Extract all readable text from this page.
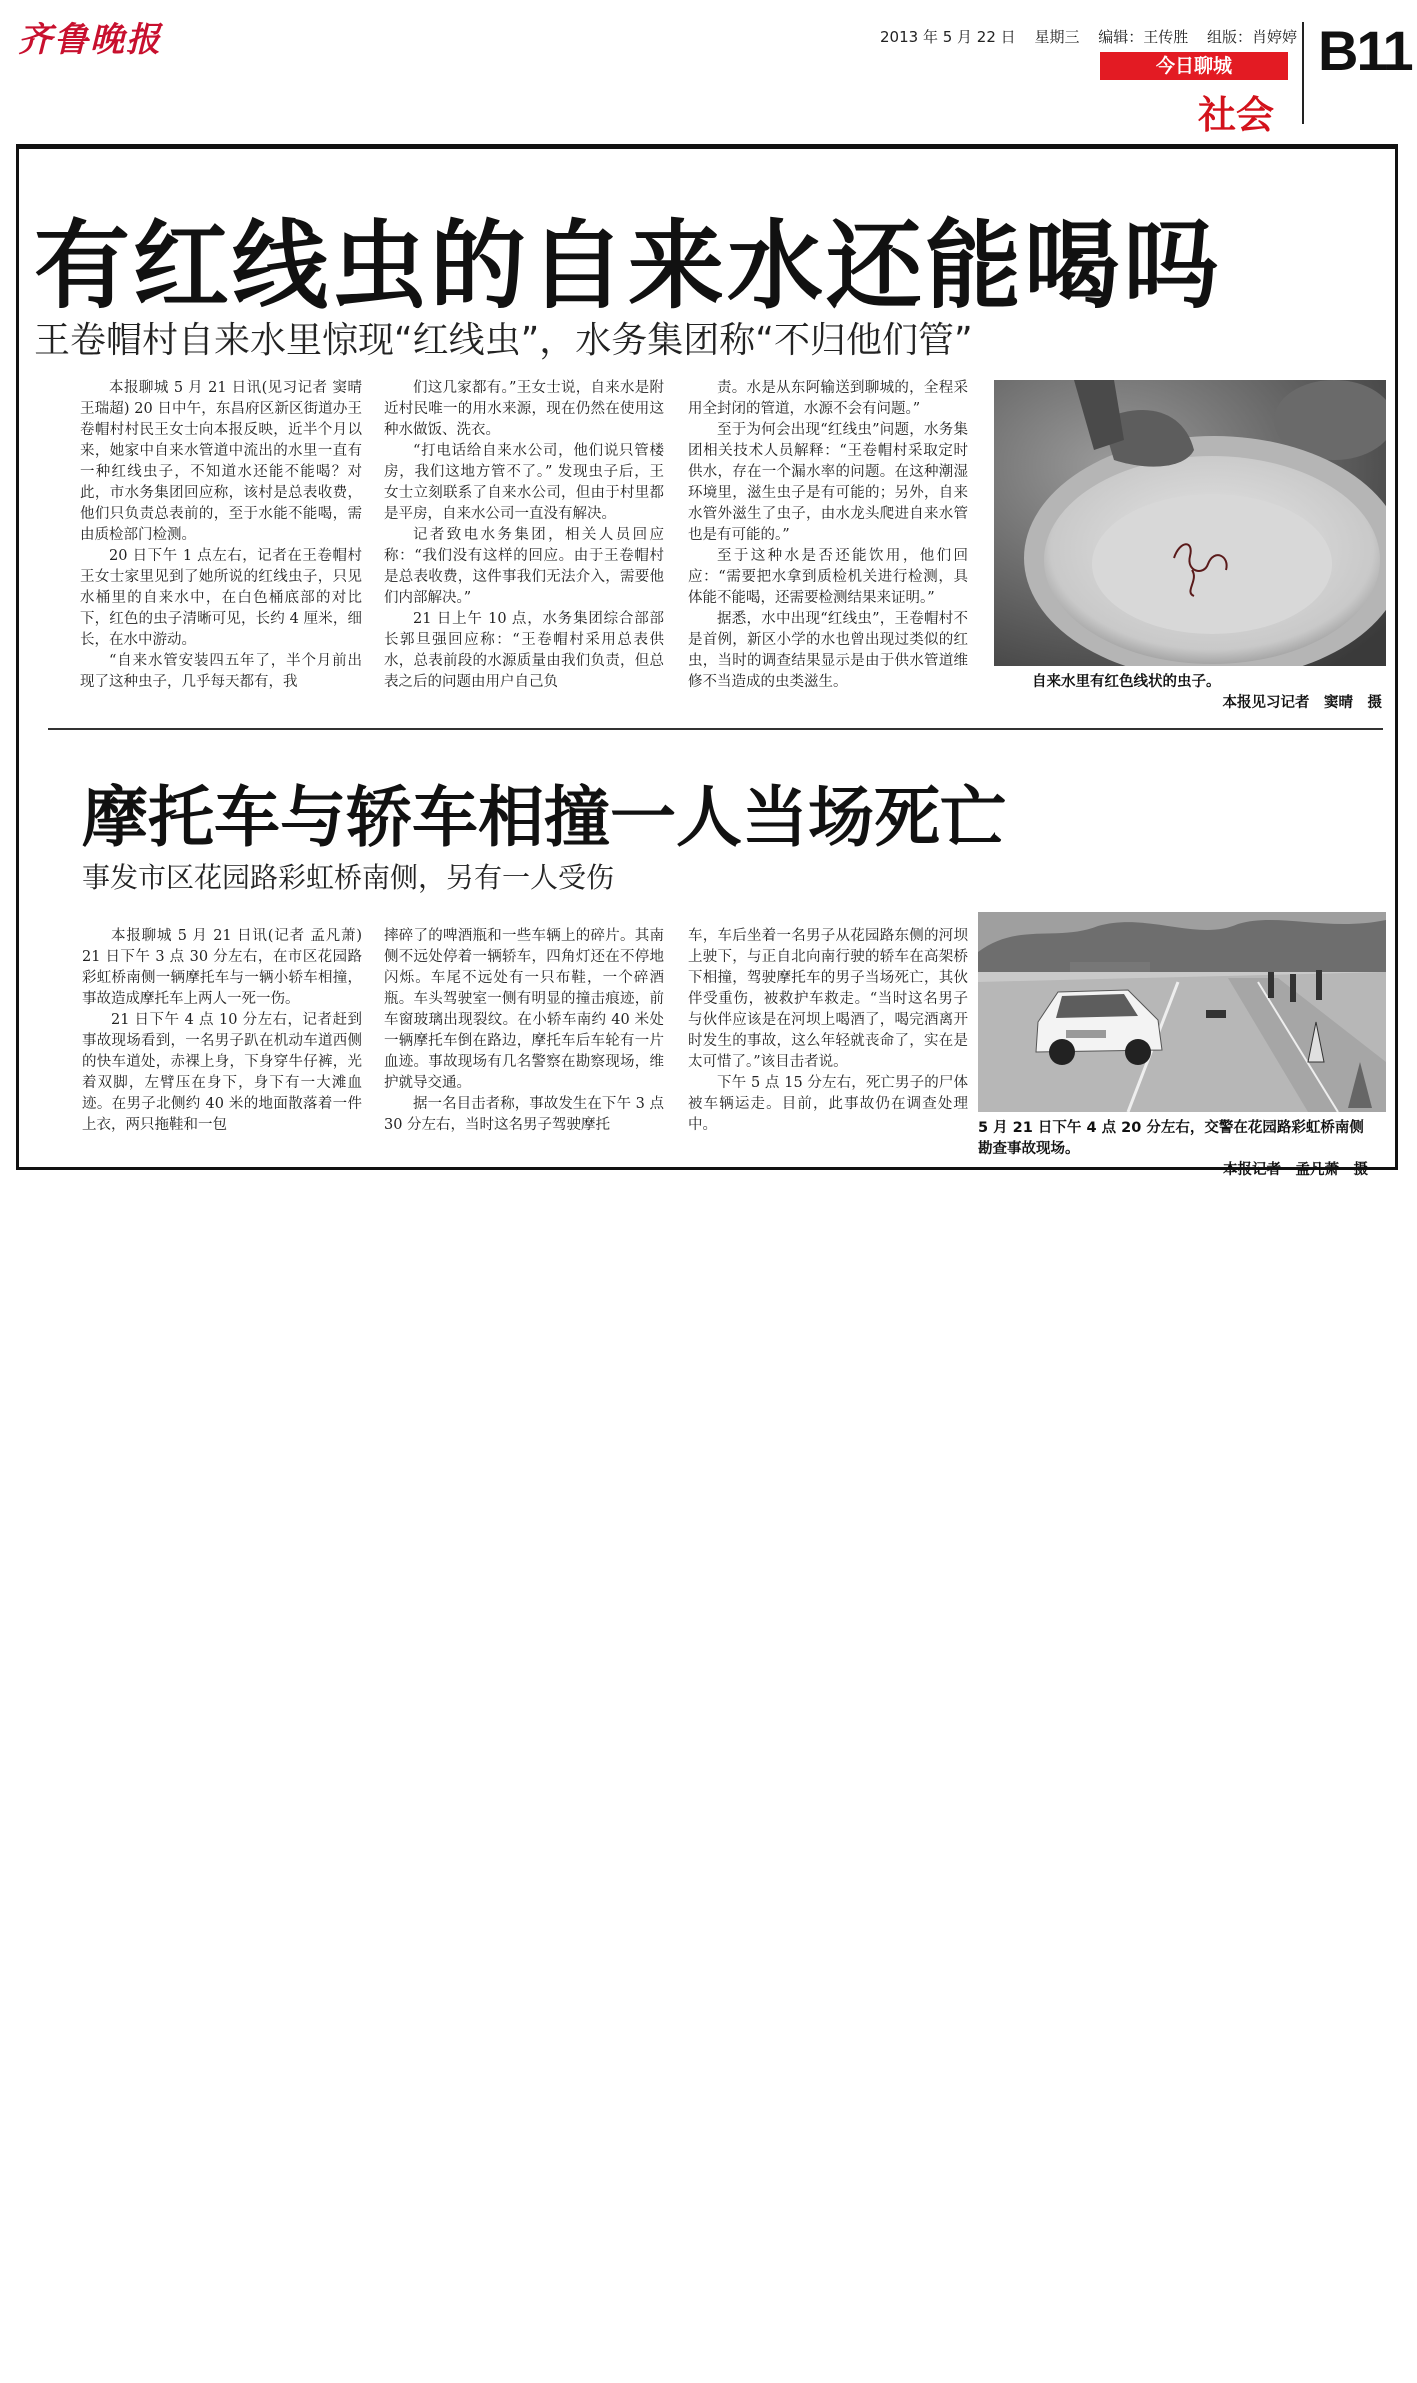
齐鲁晚报	2013 年 5 月 22 日 星期三 编辑：王传胜 组版：肖婷婷
今日聊城
社会
B11
有红线虫的自来水还能喝吗
王卷帽村自来水里惊现“红线虫”，水务集团称“不归他们管”

本报聊城 5 月 21 日讯(见习记者 窦晴 王瑞超) 20 日中午，东昌府区新区街道办王卷帽村村民王女士向本报反映，近半个月以来，她家中自来水管道中流出的水里一直有一种红线虫子，不知道水还能不能喝？对此，市水务集团回应称，该村是总表收费，他们只负责总表前的，至于水能不能喝，需由质检部门检测。

20 日下午 1 点左右，记者在王卷帽村王女士家里见到了她所说的红线虫子，只见水桶里的自来水中，在白色桶底部的对比下，红色的虫子清晰可见，长约 4 厘米，细长，在水中游动。

“自来水管安装四五年了，半个月前出现了这种虫子，几乎每天都有，我

们这几家都有。”王女士说，自来水是附近村民唯一的用水来源，现在仍然在使用这种水做饭、洗衣。

“打电话给自来水公司，他们说只管楼房，我们这地方管不了。” 发现虫子后，王女士立刻联系了自来水公司，但由于村里都是平房，自来水公司一直没有解决。

记者致电水务集团，相关人员回应称：“我们没有这样的回应。由于王卷帽村是总表收费，这件事我们无法介入，需要他们内部解决。”

21 日上午 10 点，水务集团综合部部长郭旦强回应称：“王卷帽村采用总表供水，总表前段的水源质量由我们负责，但总表之后的问题由用户自己负

责。水是从东阿输送到聊城的，全程采用全封闭的管道，水源不会有问题。”

至于为何会出现“红线虫”问题，水务集团相关技术人员解释：“王卷帽村采取定时供水，存在一个漏水率的问题。在这种潮湿环境里，滋生虫子是有可能的；另外，自来水管外滋生了虫子，由水龙头爬进自来水管也是有可能的。”

至于这种水是否还能饮用，他们回应：“需要把水拿到质检机关进行检测，具体能不能喝，还需要检测结果来证明。”

据悉，水中出现“红线虫”，王卷帽村不是首例，新区小学的水也曾出现过类似的红虫，当时的调查结果显示是由于供水管道维修不当造成的虫类滋生。	自来水里有红色线状的虫子。
本报见习记者　窦晴　摄
摩托车与轿车相撞一人当场死亡
事发市区花园路彩虹桥南侧，另有一人受伤

本报聊城 5 月 21 日讯(记者 孟凡萧) 21 日下午 3 点 30 分左右，在市区花园路彩虹桥南侧一辆摩托车与一辆小轿车相撞，事故造成摩托车上两人一死一伤。

21 日下午 4 点 10 分左右，记者赶到事故现场看到，一名男子趴在机动车道西侧的快车道处，赤裸上身，下身穿牛仔裤，光着双脚，左臂压在身下，身下有一大滩血迹。在男子北侧约 40 米的地面散落着一件上衣，两只拖鞋和一包

摔碎了的啤酒瓶和一些车辆上的碎片。其南侧不远处停着一辆轿车，四角灯还在不停地闪烁。车尾不远处有一只布鞋，一个碎酒瓶。车头驾驶室一侧有明显的撞击痕迹，前车窗玻璃出现裂纹。在小轿车南约 40 米处一辆摩托车倒在路边，摩托车后车轮有一片血迹。事故现场有几名警察在勘察现场，维护就导交通。

据一名目击者称，事故发生在下午 3 点 30 分左右，当时这名男子驾驶摩托

车，车后坐着一名男子从花园路东侧的河坝上驶下，与正自北向南行驶的轿车在高架桥下相撞，驾驶摩托车的男子当场死亡，其伙伴受重伤，被救护车救走。“当时这名男子与伙伴应该是在河坝上喝酒了，喝完酒离开时发生的事故，这么年轻就丧命了，实在是太可惜了。”该目击者说。

下午 5 点 15 分左右，死亡男子的尸体被车辆运走。目前，此事故仍在调查处理中。	5 月 21 日下午 4 点 20 分左右，交警在花园路彩虹桥南侧勘查事故现场。
本报记者　孟凡萧　摄
